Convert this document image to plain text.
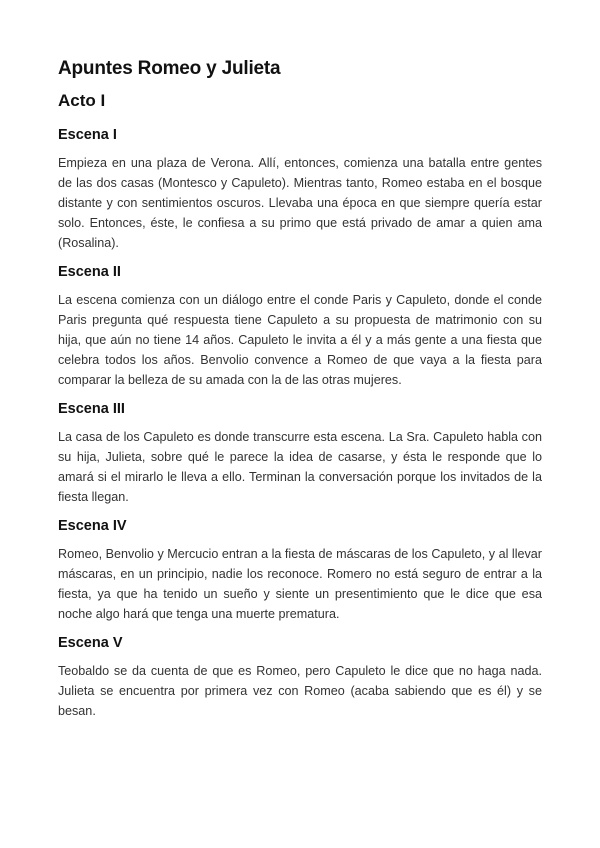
Apuntes Romeo y Julieta
Acto I
Escena I

Empieza en una plaza de Verona. Allí, entonces, comienza una batalla entre gentes de las dos casas (Montesco y Capuleto). Mientras tanto, Romeo estaba en el bosque distante y con sentimientos oscuros. Llevaba una época en que siempre quería estar solo. Entonces, éste, le confiesa a su primo que está privado de amar a quien ama (Rosalina).

Escena II

La escena comienza con un diálogo entre el conde Paris y Capuleto, donde el conde Paris pregunta qué respuesta tiene Capuleto a su propuesta de matrimonio con su hija, que aún no tiene 14 años. Capuleto le invita a él y a más gente a una fiesta que celebra todos los años. Benvolio convence a Romeo de que vaya a la fiesta para comparar la belleza de su amada con la de las otras mujeres.

Escena III

La casa de los Capuleto es donde transcurre esta escena. La Sra. Capuleto habla con su hija, Julieta, sobre qué le parece la idea de casarse, y ésta le responde que lo amará si el mirarlo le lleva a ello. Terminan la conversación porque los invitados de la fiesta llegan.

Escena IV

Romeo, Benvolio y Mercucio entran a la fiesta de máscaras de los Capuleto, y al llevar máscaras, en un principio, nadie los reconoce. Romero no está seguro de entrar a la fiesta, ya que ha tenido un sueño y siente un presentimiento que le dice que esa noche algo hará que tenga una muerte prematura.

Escena V

Teobaldo se da cuenta de que es Romeo, pero Capuleto le dice que no haga nada. Julieta se encuentra por primera vez con Romeo (acaba sabiendo que es él) y se besan.
